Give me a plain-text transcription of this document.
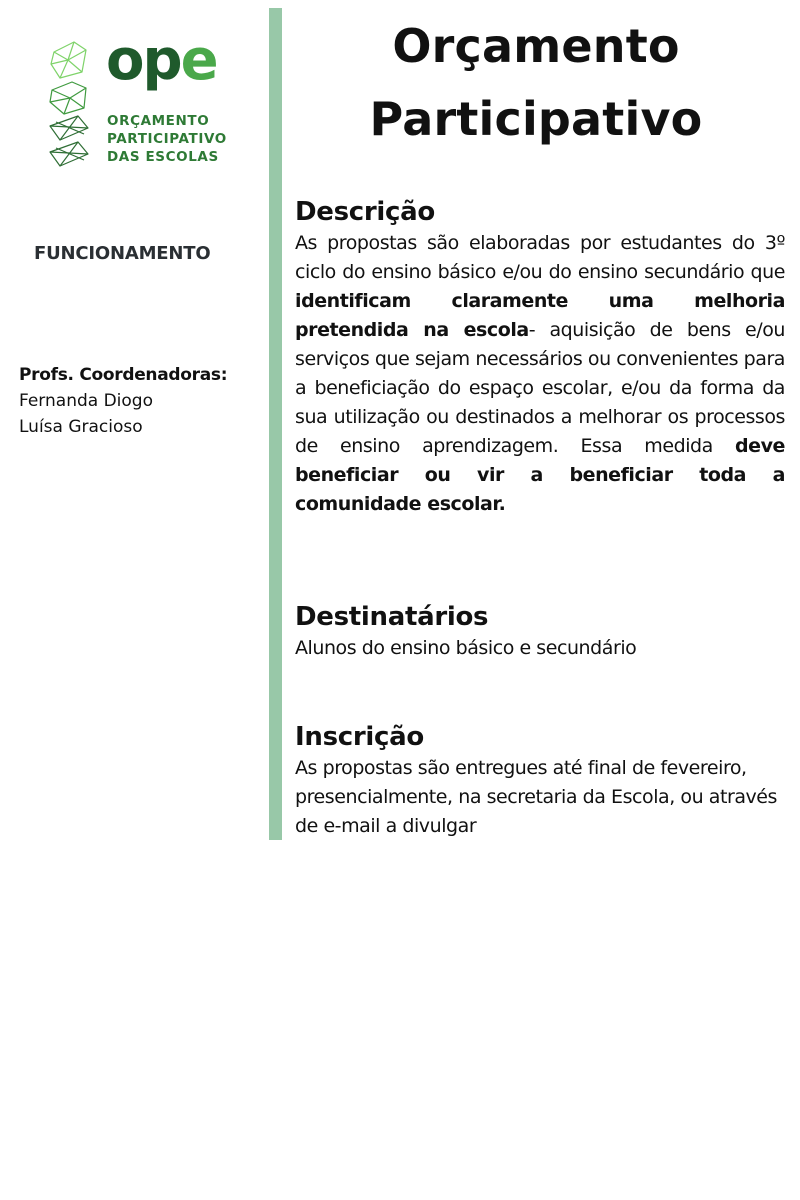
ope
ORÇAMENTO
PARTICIPATIVO
DAS ESCOLAS
FUNCIONAMENTO
Profs. Coordenadoras:
Fernanda Diogo
Luísa Gracioso
Orçamento
Participativo
Descrição

As propostas são elaboradas por estudantes do 3º ciclo do ensino básico e/ou do ensino secundário que identificam claramente uma melhoria pretendida na escola- aquisição de bens e/ou serviços que sejam necessários ou convenientes para a beneficiação do espaço escolar, e/ou da forma da sua utilização ou destinados a melhorar os processos de ensino aprendizagem. Essa medida deve beneficiar ou vir a beneficiar toda a comunidade escolar.

Destinatários

Alunos do ensino básico e secundário

Inscrição

As propostas são entregues até final de fevereiro, presencialmente, na secretaria da Escola, ou através de e-mail a divulgar
